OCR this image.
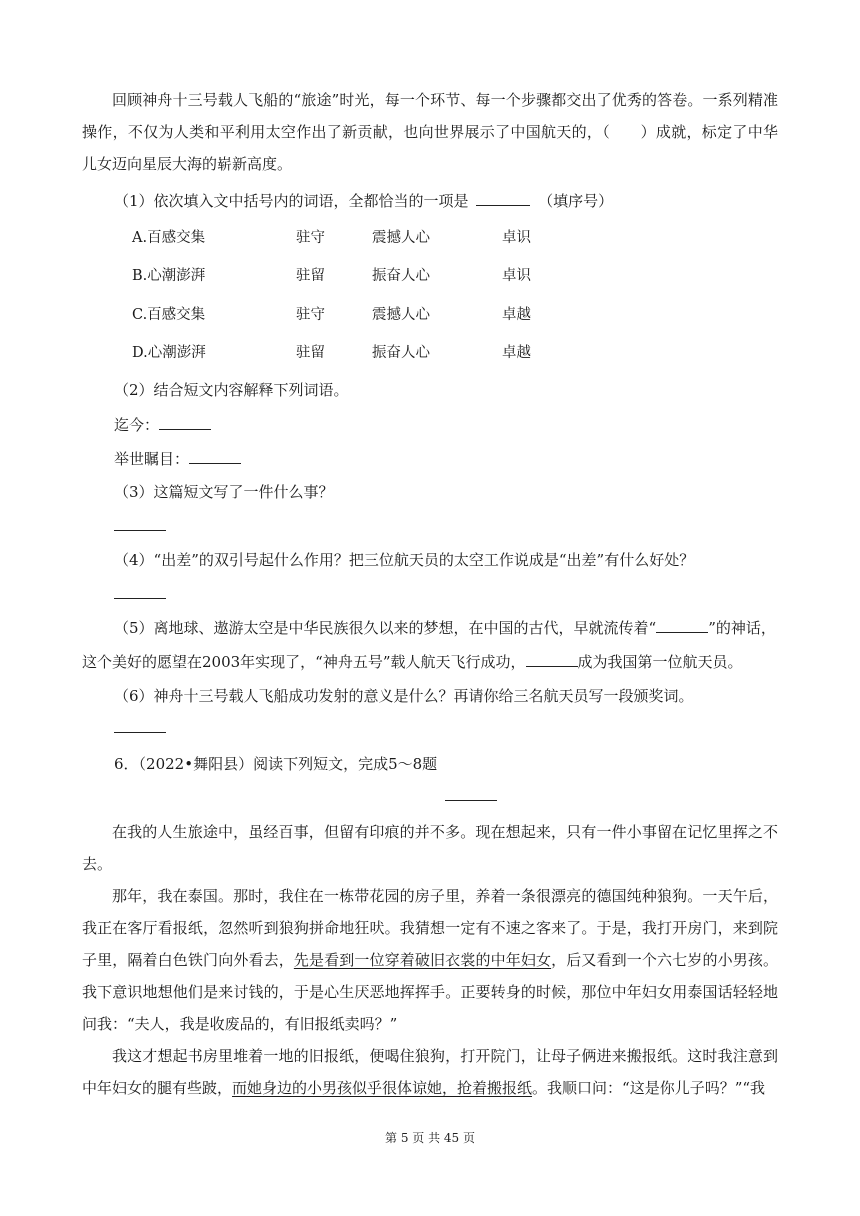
回顾神舟十三号载人飞船的“旅途”时光，每一个环节、每一个步骤都交出了优秀的答卷。一系列精准操作，不仅为人类和平利用太空作出了新贡献，也向世界展示了中国航天的，（　　）成就，标定了中华儿女迈向星辰大海的崭新高度。

（1）依次填入文中括号内的词语，全都恰当的一项是	（填序号）
A.百感交集	驻守	震撼人心	卓识
B.心潮澎湃	驻留	振奋人心	卓识
C.百感交集	驻守	震撼人心	卓越
D.心潮澎湃	驻留	振奋人心	卓越
（2）结合短文内容解释下列词语。
迄今：
举世瞩目：
（3）这篇短文写了一件什么事？
（4）“出差”的双引号起什么作用？把三位航天员的太空工作说成是“出差”有什么好处？
（5）离地球、遨游太空是中华民族很久以来的梦想，在中国的古代，早就流传着“	”的神话，
这个美好的愿望在2003年实现了，“神舟五号”载人航天飞行成功，	成为我国第一位航天员。
（6）神舟十三号载人飞船成功发射的意义是什么？再请你给三名航天员写一段颁奖词。
6．（2022•舞阳县）阅读下列短文，完成5～8题

在我的人生旅途中，虽经百事，但留有印痕的并不多。现在想起来，只有一件小事留在记忆里挥之不去。

那年，我在泰国。那时，我住在一栋带花园的房子里，养着一条很漂亮的德国纯种狼狗。一天午后，我正在客厅看报纸，忽然听到狼狗拼命地狂吠。我猜想一定有不速之客来了。于是，我打开房门，来到院子里，隔着白色铁门向外看去，先是看到一位穿着破旧衣裳的中年妇女，后又看到一个六七岁的小男孩。我下意识地想他们是来讨钱的，于是心生厌恶地挥挥手。正要转身的时候，那位中年妇女用泰国话轻轻地问我：“夫人，我是收废品的，有旧报纸卖吗？”

我这才想起书房里堆着一地的旧报纸，便喝住狼狗，打开院门，让母子俩进来搬报纸。这时我注意到中年妇女的腿有些跛，而她身边的小男孩似乎很体谅她，抢着搬报纸。我顺口问：“这是你儿子吗？”“我

第 5 页 共 45 页
